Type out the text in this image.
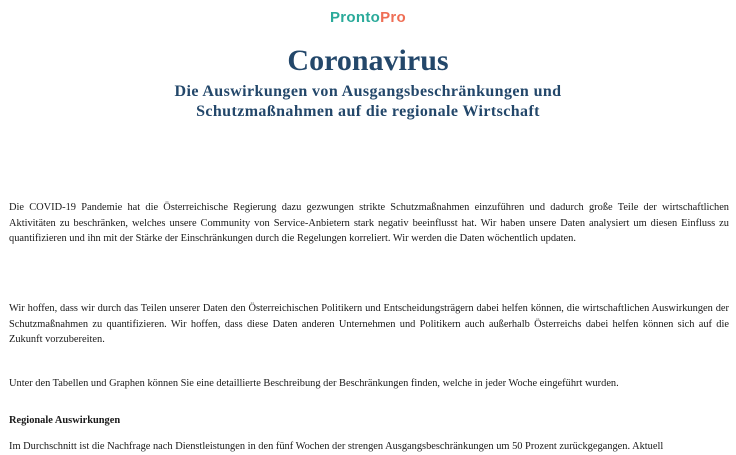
ProntoPro
Coronavirus
Die Auswirkungen von Ausgangsbeschränkungen und
Schutzmaßnahmen auf die regionale Wirtschaft

Die COVID-19 Pandemie hat die Österreichische Regierung dazu gezwungen strikte Schutzmaßnahmen einzuführen und dadurch große Teile der wirtschaftlichen Aktivitäten zu beschränken, welches unsere Community von Service-Anbietern stark negativ beeinflusst hat. Wir haben unsere Daten analysiert um diesen Einfluss zu quantifizieren und ihn mit der Stärke der Einschränkungen durch die Regelungen korreliert. Wir werden die Daten wöchentlich updaten.

Wir hoffen, dass wir durch das Teilen unserer Daten den Österreichischen Politikern und Entscheidungsträgern dabei helfen können, die wirtschaftlichen Auswirkungen der Schutzmaßnahmen zu quantifizieren. Wir hoffen, dass diese Daten anderen Unternehmen und Politikern auch außerhalb Österreichs dabei helfen können sich auf die Zukunft vorzubereiten.

Unter den Tabellen und Graphen können Sie eine detaillierte Beschreibung der Beschränkungen finden, welche in jeder Woche eingeführt wurden.

Regionale Auswirkungen

Im Durchschnitt ist die Nachfrage nach Dienstleistungen in den fünf Wochen der strengen Ausgangsbeschränkungen um 50 Prozent zurückgegangen. Aktuell
